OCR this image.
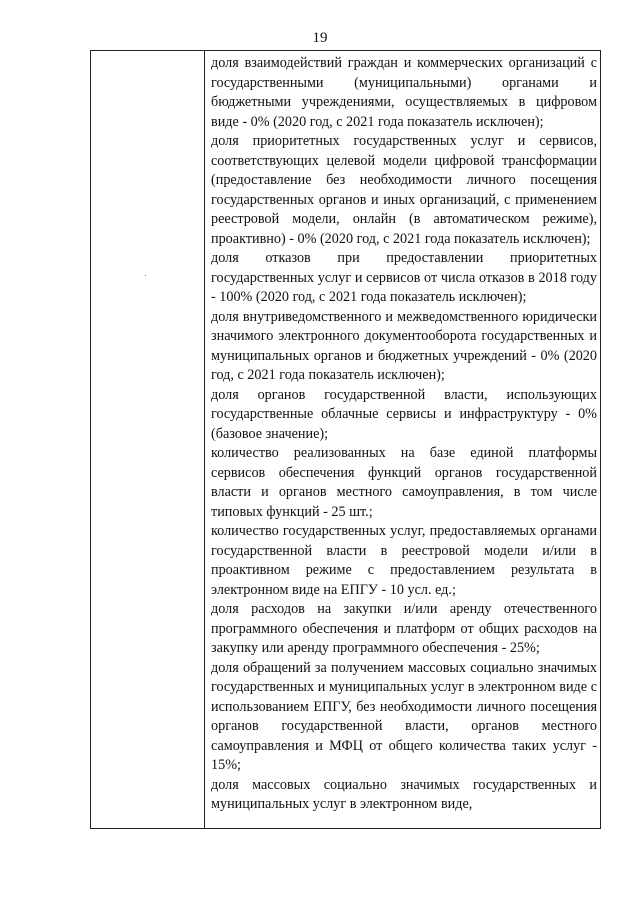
19

доля взаимодействий граждан и коммерческих организаций с государственными (муниципальными) органами и бюджетными учреждениями, осуществляемых в цифровом виде - 0% (2020 год, с 2021 года показатель исключен);

доля приоритетных государственных услуг и сервисов, соответствующих целевой модели цифровой трансформации (предоставление без необходимости личного посещения государственных органов и иных организаций, с применением реестровой модели, онлайн (в автоматическом режиме), проактивно) - 0% (2020 год, с 2021 года показатель исключен);

доля отказов при предоставлении приоритетных государственных услуг и сервисов от числа отказов в 2018 году - 100% (2020 год, с 2021 года показатель исключен);

доля внутриведомственного и межведомственного юридически значимого электронного документооборота государственных и муниципальных органов и бюджетных учреждений - 0% (2020 год, с 2021 года показатель исключен);

доля органов государственной власти, использующих государственные облачные сервисы и инфраструктуру - 0% (базовое значение);

количество реализованных на базе единой платформы сервисов обеспечения функций органов государственной власти и органов местного самоуправления, в том числе типовых функций - 25 шт.;

количество государственных услуг, предоставляемых органами государственной власти в реестровой модели и/или в проактивном режиме с предоставлением результата в электронном виде на ЕПГУ - 10 усл. ед.;

доля расходов на закупки и/или аренду отечественного программного обеспечения и платформ от общих расходов на закупку или аренду программного обеспечения - 25%;

доля обращений за получением массовых социально значимых государственных и муниципальных услуг в электронном виде с использованием ЕПГУ, без необходимости личного посещения органов государственной власти, органов местного самоуправления и МФЦ от общего количества таких услуг - 15%;

доля массовых социально значимых государственных и муниципальных услуг в электронном виде,
